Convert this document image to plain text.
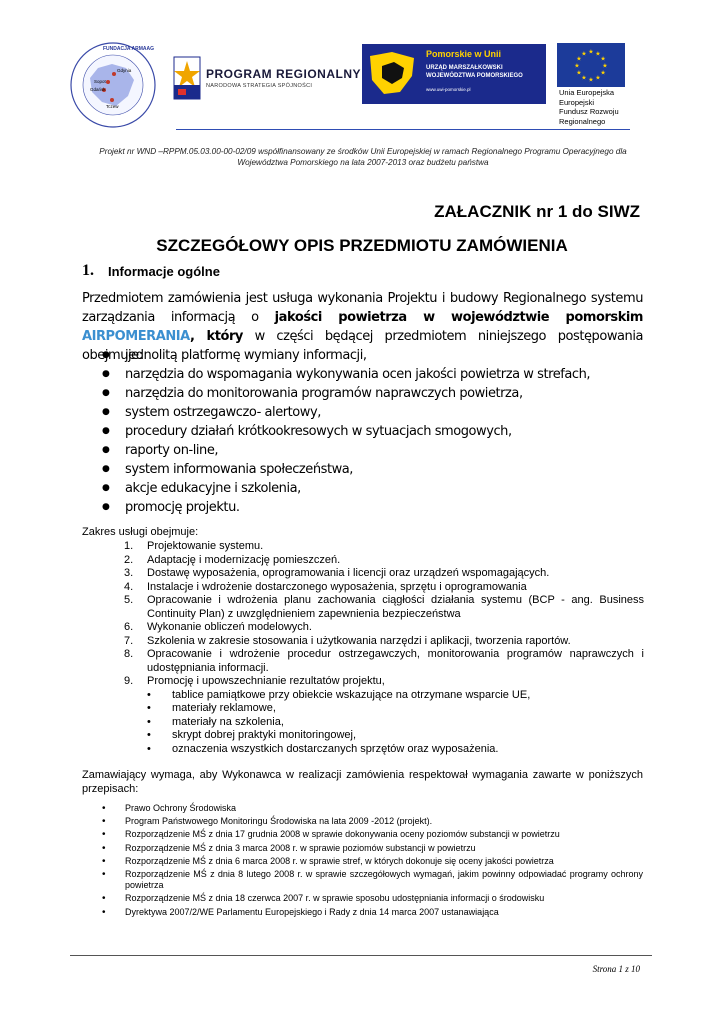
FUNDACJA ARMAAG
Gdynia
Sopot
Gdańsk
Tczew
PROGRAM REGIONALNY
NARODOWA STRATEGIA SPÓJNOŚCI
Pomorskie w Unii
URZĄD MARSZAŁKOWSKI
WOJEWÓDZTWA POMORSKIEGO
www.uwi-pomorskie.pl
★
★
★
★
★
★
★
★
★ ★ ★
★
Unia Europejska
Europejski
Fundusz Rozwoju
Regionalnego
Projekt nr WND –RPPM.05.03.00-00-02/09 współfinansowany ze środków Unii Europejskiej w ramach Regionalnego Programu Operacyjnego dla Województwa Pomorskiego na lata 2007-2013 oraz budżetu państwa
ZAŁACZNIK nr 1 do SIWZ
SZCZEGÓŁOWY OPIS PRZEDMIOTU ZAMÓWIENIA
1. Informacje ogólne
Przedmiotem zamówienia jest usługa wykonania Projektu i budowy Regionalnego systemu zarządzania informacją o jakości powietrza w województwie pomorskim AIRPOMERANIA, który w części będącej przedmiotem niniejszego postępowania obejmuje:
● jednolitą platformę wymiany informacji,
● narzędzia do wspomagania wykonywania ocen jakości powietrza w strefach,
● narzędzia do monitorowania programów naprawczych powietrza,
● system ostrzegawczo- alertowy,
● procedury działań krótkookresowych w sytuacjach smogowych,
● raporty on-line,
● system informowania społeczeństwa,
● akcje edukacyjne i szkolenia,
● promocję projektu.
Zakres usługi obejmuje:
1. Projektowanie systemu.
2. Adaptację i modernizację pomieszczeń.
3. Dostawę wyposażenia, oprogramowania i licencji oraz urządzeń wspomagających.
4. Instalacje i wdrożenie dostarczonego wyposażenia, sprzętu i oprogramowania
5. Opracowanie i wdrożenia planu zachowania ciągłości działania systemu (BCP - ang. Business Continuity Plan) z uwzględnieniem zapewnienia bezpieczeństwa
6. Wykonanie obliczeń modelowych.
7. Szkolenia w zakresie stosowania i użytkowania narzędzi i aplikacji, tworzenia raportów.
8. Opracowanie i wdrożenie procedur ostrzegawczych, monitorowania programów naprawczych i udostępniania informacji.
9. Promocję i upowszechnianie rezultatów projektu,
• tablice pamiątkowe przy obiekcie wskazujące na otrzymane wsparcie UE,
• materiały reklamowe,
• materiały na szkolenia,
• skrypt dobrej praktyki monitoringowej,
• oznaczenia wszystkich dostarczanych sprzętów oraz wyposażenia.
Zamawiający wymaga, aby Wykonawca w realizacji zamówienia respektował wymagania zawarte w poniższych przepisach:
• Prawo Ochrony Środowiska
• Program Państwowego Monitoringu Środowiska na lata 2009 -2012 (projekt).
• Rozporządzenie MŚ z dnia 17 grudnia 2008 w sprawie dokonywania oceny poziomów substancji w powietrzu
• Rozporządzenie MŚ z dnia 3 marca 2008 r. w sprawie poziomów substancji w powietrzu
• Rozporządzenie MŚ z dnia 6 marca 2008 r. w sprawie stref, w których dokonuje się oceny jakości powietrza
• Rozporządzenie MŚ z dnia 8 lutego 2008 r. w sprawie szczegółowych wymagań, jakim powinny odpowiadać programy ochrony powietrza
• Rozporządzenie MŚ z dnia 18 czerwca 2007 r. w sprawie sposobu udostępniania informacji o środowisku
• Dyrektywa 2007/2/WE Parlamentu Europejskiego i Rady z dnia 14 marca 2007 ustanawiająca
Strona 1 z 10
